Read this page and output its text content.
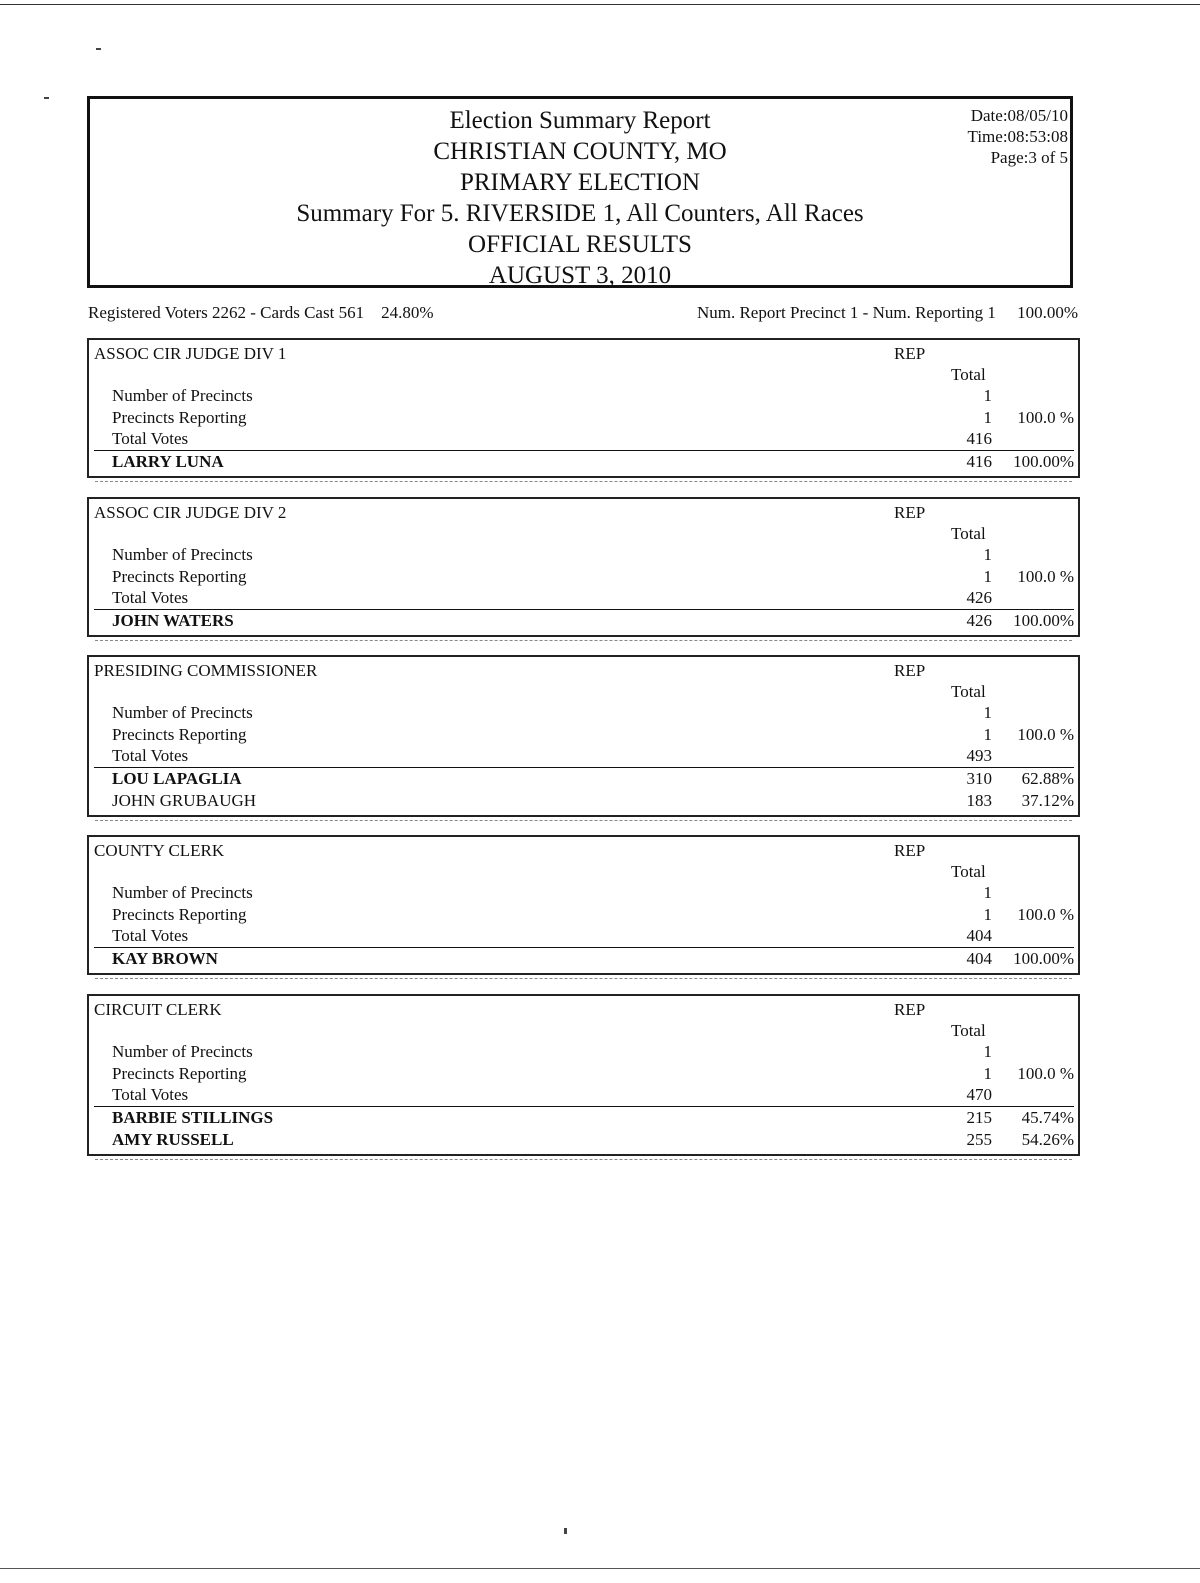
Election Summary Report
CHRISTIAN COUNTY, MO
PRIMARY ELECTION
Summary For 5. RIVERSIDE 1, All Counters, All Races
OFFICIAL RESULTS
AUGUST 3, 2010
Date:08/05/10
Time:08:53:08
Page:3 of 5
Registered Voters 2262 - Cards Cast 561    24.80%	Num. Report Precinct 1 - Num. Reporting 1     100.00%
ASSOC CIR JUDGE DIV 1	REP
Total
Number of Precincts	1
Precincts Reporting	1 100.0 %
Total Votes	416
LARRY LUNA	416 100.00%
ASSOC CIR JUDGE DIV 2	REP
Total
Number of Precincts	1
Precincts Reporting	1 100.0 %
Total Votes	426
JOHN WATERS	426 100.00%
PRESIDING COMMISSIONER	REP
Total
Number of Precincts	1
Precincts Reporting	1 100.0 %
Total Votes	493
LOU LAPAGLIA	310 62.88%
JOHN GRUBAUGH	183 37.12%
COUNTY CLERK	REP
Total
Number of Precincts	1
Precincts Reporting	1 100.0 %
Total Votes	404
KAY BROWN	404 100.00%
CIRCUIT CLERK	REP
Total
Number of Precincts	1
Precincts Reporting	1 100.0 %
Total Votes	470
BARBIE STILLINGS	215 45.74%
AMY RUSSELL	255 54.26%
